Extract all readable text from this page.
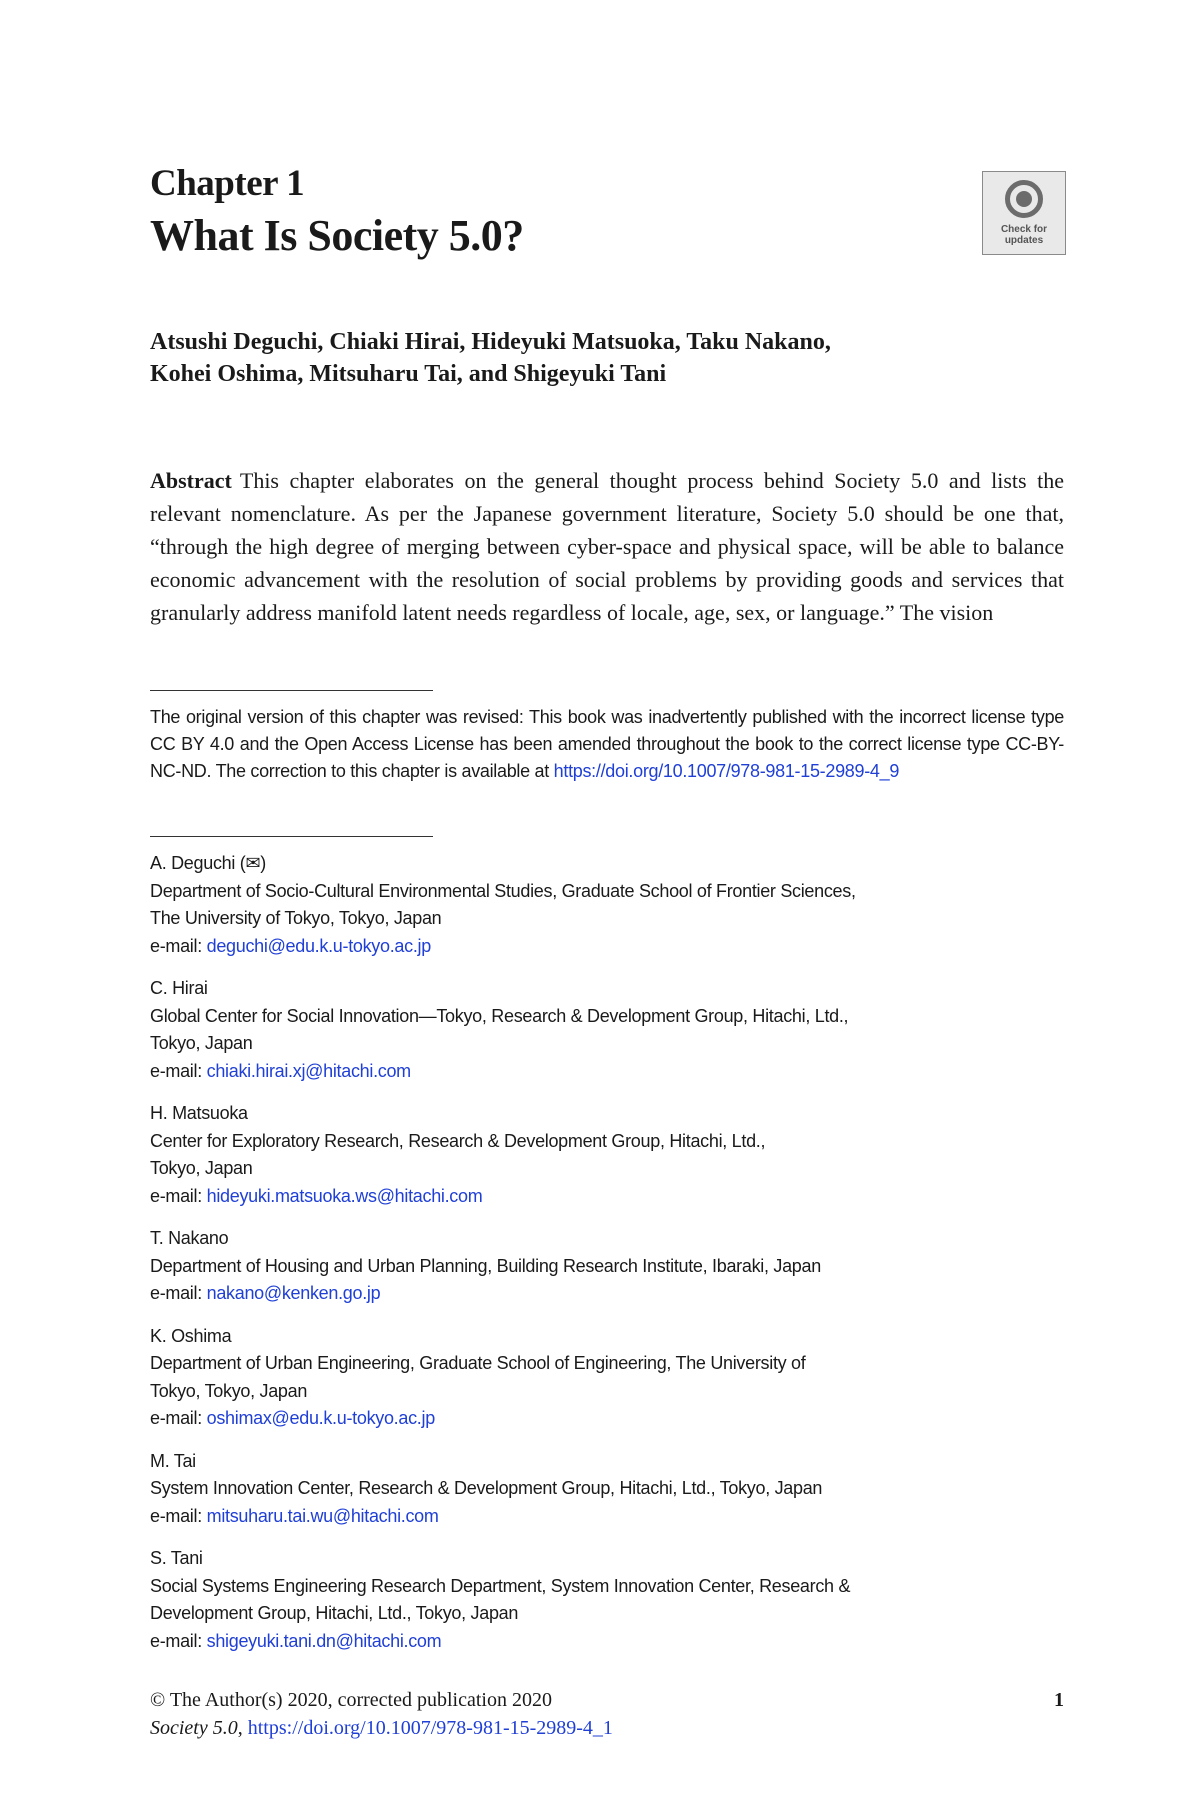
Chapter 1
What Is Society 5.0?	Check for
updates
Atsushi Deguchi, Chiaki Hirai, Hideyuki Matsuoka, Taku Nakano,
Kohei Oshima, Mitsuharu Tai, and Shigeyuki Tani
Abstract This chapter elaborates on the general thought process behind Society 5.0 and lists the relevant nomenclature. As per the Japanese government literature, Society 5.0 should be one that, “through the high degree of merging between cyber-space and physical space, will be able to balance economic advancement with the resolution of social problems by providing goods and services that granularly address manifold latent needs regardless of locale, age, sex, or language.” The vision
The original version of this chapter was revised: This book was inadvertently published with the incorrect license type CC BY 4.0 and the Open Access License has been amended throughout the book to the correct license type CC-BY-NC-ND. The correction to this chapter is available at https://doi.org/10.1007/978-981-15-2989-4_9
A. Deguchi (✉)
Department of Socio-Cultural Environmental Studies, Graduate School of Frontier Sciences,
The University of Tokyo, Tokyo, Japan
e-mail: deguchi@edu.k.u-tokyo.ac.jp
C. Hirai
Global Center for Social Innovation—Tokyo, Research & Development Group, Hitachi, Ltd.,
Tokyo, Japan
e-mail: chiaki.hirai.xj@hitachi.com
H. Matsuoka
Center for Exploratory Research, Research & Development Group, Hitachi, Ltd.,
Tokyo, Japan
e-mail: hideyuki.matsuoka.ws@hitachi.com
T. Nakano
Department of Housing and Urban Planning, Building Research Institute, Ibaraki, Japan
e-mail: nakano@kenken.go.jp
K. Oshima
Department of Urban Engineering, Graduate School of Engineering, The University of
Tokyo, Tokyo, Japan
e-mail: oshimax@edu.k.u-tokyo.ac.jp
M. Tai
System Innovation Center, Research & Development Group, Hitachi, Ltd., Tokyo, Japan
e-mail: mitsuharu.tai.wu@hitachi.com
S. Tani
Social Systems Engineering Research Department, System Innovation Center, Research &
Development Group, Hitachi, Ltd., Tokyo, Japan
e-mail: shigeyuki.tani.dn@hitachi.com
© The Author(s) 2020, corrected publication 2020
Society 5.0, https://doi.org/10.1007/978-981-15-2989-4_1
1
